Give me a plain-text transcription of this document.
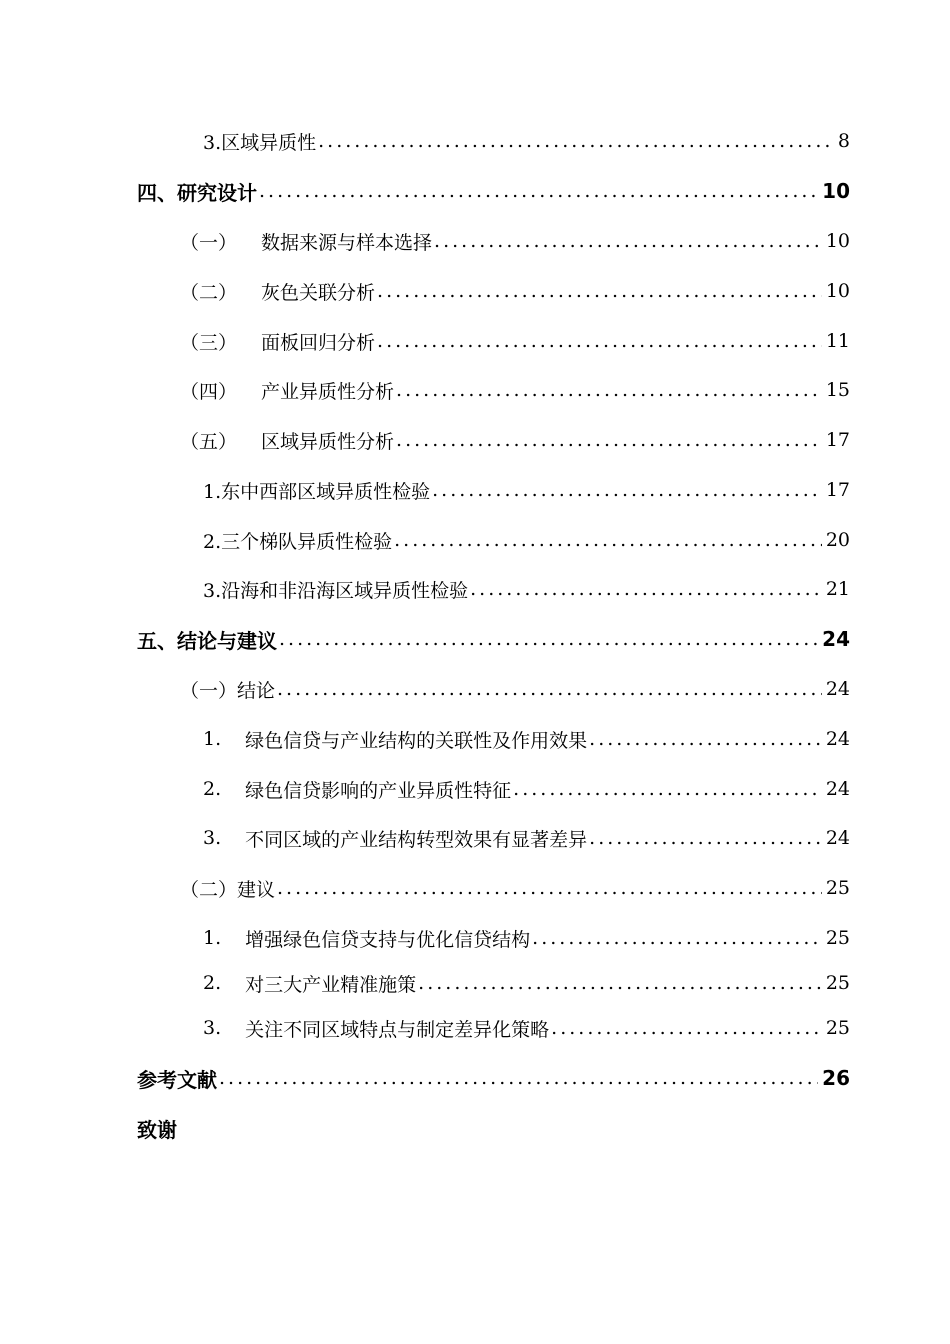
3.区域异质性 .....	8
四、研究设计 .....	10
（一） 数据来源与样本选择 .....	10
（二） 灰色关联分析 .....	10
（三） 面板回归分析 .....	11
（四） 产业异质性分析 .....	15
（五） 区域异质性分析 .....	17
1.东中西部区域异质性检验 .....	17
2.三个梯队异质性检验 .....	20
3.沿海和非沿海区域异质性检验 .....	21
五、结论与建议 .....	24
（一）结论 .....	24
1. 绿色信贷与产业结构的关联性及作用效果 .....	24
2. 绿色信贷影响的产业异质性特征 .....	24
3. 不同区域的产业结构转型效果有显著差异 .....	24
（二）建议 .....	25
1. 增强绿色信贷支持与优化信贷结构 .....	25
2. 对三大产业精准施策 .....	25
3. 关注不同区域特点与制定差异化策略 .....	25
参考文献 .....	26
致谢
